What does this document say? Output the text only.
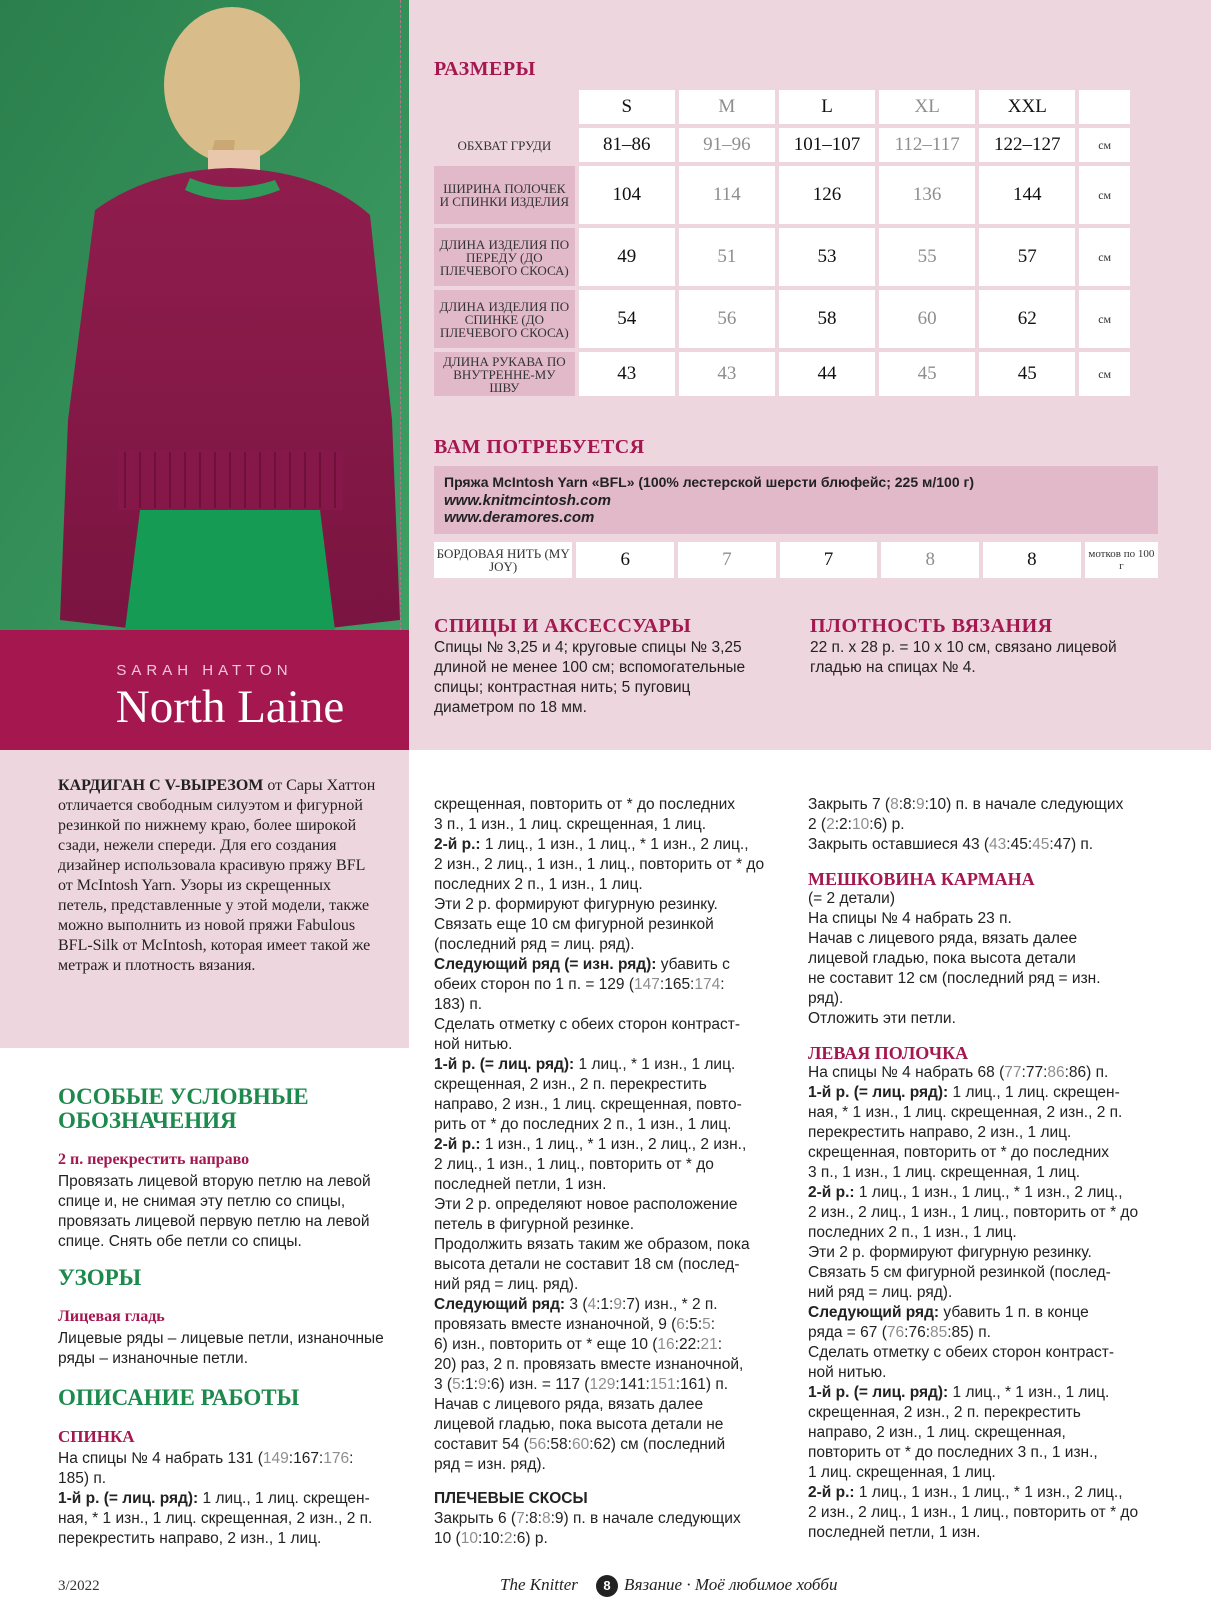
SARAH HATTON
North Laine
РАЗМЕРЫ
	S	M	L	XL	XXL	
ОБХВАТ ГРУДИ	81–86	91–96	101–107	112–117	122–127	см
ШИРИНА ПОЛОЧЕК И СПИНКИ ИЗДЕЛИЯ	104	114	126	136	144	см
ДЛИНА ИЗДЕЛИЯ ПО ПЕРЕДУ (ДО ПЛЕЧЕВОГО СКОСА)	49	51	53	55	57	см
ДЛИНА ИЗДЕЛИЯ ПО СПИНКЕ (ДО ПЛЕЧЕВОГО СКОСА)	54	56	58	60	62	см
ДЛИНА РУКАВА ПО ВНУТРЕННЕ-МУ ШВУ	43	43	44	45	45	см
ВАМ ПОТРЕБУЕТСЯ
Пряжа McIntosh Yarn «BFL» (100% лестерской шерсти блюфейс; 225 м/100 г)
www.knitmcintosh.com
www.deramores.com
БОРДОВАЯ НИТЬ (MY JOY)	6	7	7	8	8	мотков по 100 г
СПИЦЫ И АКСЕССУАРЫ
Спицы № 3,25 и 4; круговые спицы № 3,25 длиной не менее 100 см; вспомогательные спицы; контрастная нить; 5 пуговиц диаметром по 18 мм.
ПЛОТНОСТЬ ВЯЗАНИЯ
22 п. х 28 р. = 10 х 10 см, связано лицевой гладью на спицах № 4.
КАРДИГАН С V-ВЫРЕЗОМ от Сары Хаттон отличается свободным силуэтом и фигурной резинкой по нижнему краю, более широкой сзади, нежели спереди. Для его создания дизайнер использовала красивую пряжу BFL от McIntosh Yarn. Узоры из скрещенных петель, представленные у этой модели, также можно выполнить из новой пряжи Fabulous BFL-Silk от McIntosh, которая имеет такой же метраж и плотность вязания.
ОСОБЫЕ УСЛОВНЫЕ ОБОЗНАЧЕНИЯ
2 п. перекрестить направо
Провязать лицевой вторую петлю на левой спице и, не снимая эту петлю со спицы, провязать лицевой первую петлю на левой спице. Снять обе петли со спицы.
УЗОРЫ
Лицевая гладь
Лицевые ряды – лицевые петли, изнаночные ряды – изнаночные петли.
ОПИСАНИЕ РАБОТЫ
СПИНКА

На спицы № 4 набрать 131 (149:167:176:
185) п.

1-й р. (= лиц. ряд): 1 лиц., 1 лиц. скрещен-
ная, * 1 изн., 1 лиц. скрещенная, 2 изн., 2 п.
перекрестить направо, 2 изн., 1 лиц.

скрещенная, повторить от * до последних
3 п., 1 изн., 1 лиц. скрещенная, 1 лиц.

2-й р.: 1 лиц., 1 изн., 1 лиц., * 1 изн., 2 лиц.,
2 изн., 2 лиц., 1 изн., 1 лиц., повторить от * до
последних 2 п., 1 изн., 1 лиц.

Эти 2 р. формируют фигурную резинку.
Связать еще 10 см фигурной резинкой
(последний ряд = лиц. ряд).

Следующий ряд (= изн. ряд): убавить с
обеих сторон по 1 п. = 129 (147:165:174:
183) п.

Сделать отметку с обеих сторон контраст-
ной нитью.

1-й р. (= лиц. ряд): 1 лиц., * 1 изн., 1 лиц.
скрещенная, 2 изн., 2 п. перекрестить
направо, 2 изн., 1 лиц. скрещенная, повто-
рить от * до последних 2 п., 1 изн., 1 лиц.

2-й р.: 1 изн., 1 лиц., * 1 изн., 2 лиц., 2 изн.,
2 лиц., 1 изн., 1 лиц., повторить от * до
последней петли, 1 изн.

Эти 2 р. определяют новое расположение
петель в фигурной резинке.

Продолжить вязать таким же образом, пока
высота детали не составит 18 см (послед-
ний ряд = лиц. ряд).

Следующий ряд: 3 (4:1:9:7) изн., * 2 п.
провязать вместе изнаночной, 9 (6:5:5:
6) изн., повторить от * еще 10 (16:22:21:
20) раз, 2 п. провязать вместе изнаночной,
3 (5:1:9:6) изн. = 117 (129:141:151:161) п.

Начав с лицевого ряда, вязать далее
лицевой гладью, пока высота детали не
составит 54 (56:58:60:62) см (последний
ряд = изн. ряд).

ПЛЕЧЕВЫЕ СКОСЫ

Закрыть 6 (7:8:8:9) п. в начале следующих
10 (10:10:2:6) р.

Закрыть 7 (8:8:9:10) п. в начале следующих
2 (2:2:10:6) р.

Закрыть оставшиеся 43 (43:45:45:47) п.

МЕШКОВИНА КАРМАНА

(= 2 детали)

На спицы № 4 набрать 23 п.

Начав с лицевого ряда, вязать далее
лицевой гладью, пока высота детали
не составит 12 см (последний ряд = изн.
ряд).

Отложить эти петли.

ЛЕВАЯ ПОЛОЧКА

На спицы № 4 набрать 68 (77:77:86:86) п.

1-й р. (= лиц. ряд): 1 лиц., 1 лиц. скрещен-
ная, * 1 изн., 1 лиц. скрещенная, 2 изн., 2 п.
перекрестить направо, 2 изн., 1 лиц.
скрещенная, повторить от * до последних
3 п., 1 изн., 1 лиц. скрещенная, 1 лиц.

2-й р.: 1 лиц., 1 изн., 1 лиц., * 1 изн., 2 лиц.,
2 изн., 2 лиц., 1 изн., 1 лиц., повторить от * до
последних 2 п., 1 изн., 1 лиц.

Эти 2 р. формируют фигурную резинку.
Связать 5 см фигурной резинкой (послед-
ний ряд = лиц. ряд).

Следующий ряд: убавить 1 п. в конце
ряда = 67 (76:76:85:85) п.

Сделать отметку с обеих сторон контраст-
ной нитью.

1-й р. (= лиц. ряд): 1 лиц., * 1 изн., 1 лиц.
скрещенная, 2 изн., 2 п. перекрестить
направо, 2 изн., 1 лиц. скрещенная,
повторить от * до последних 3 п., 1 изн.,
1 лиц. скрещенная, 1 лиц.

2-й р.: 1 лиц., 1 изн., 1 лиц., * 1 изн., 2 лиц.,
2 изн., 2 лиц., 1 изн., 1 лиц., повторить от * до
последней петли, 1 изн.

3/2022	The Knitter	8 Вязание · Моё любимое хобби
